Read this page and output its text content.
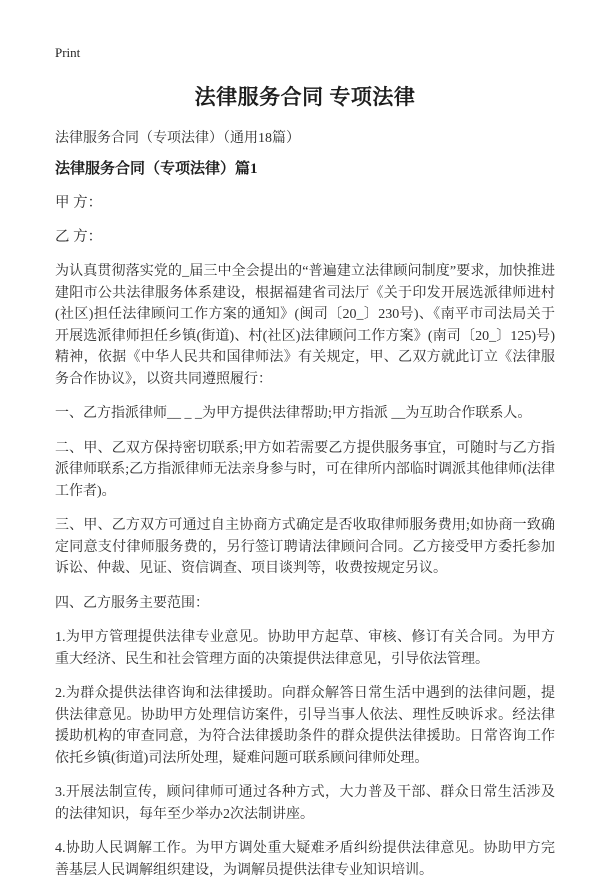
Print
法律服务合同 专项法律

法律服务合同（专项法律）（通用18篇）

法律服务合同（专项法律）篇1

甲 方：

乙 方：

为认真贯彻落实党的_届三中全会提出的“普遍建立法律顾问制度”要求，加快推进建阳市公共法律服务体系建设，根据福建省司法厅《关于印发开展选派律师进村(社区)担任法律顾问工作方案的通知》(闽司〔20_〕230号)、《南平市司法局关于开展选派律师担任乡镇(街道)、村(社区)法律顾问工作方案》(南司〔20_〕125)号)精神，依据《中华人民共和国律师法》有关规定，甲、乙双方就此订立《法律服务合作协议》，以资共同遵照履行：

一、乙方指派律师__ _ _为甲方提供法律帮助;甲方指派 __为互助合作联系人。

二、甲、乙双方保持密切联系;甲方如若需要乙方提供服务事宜，可随时与乙方指派律师联系;乙方指派律师无法亲身参与时，可在律所内部临时调派其他律师(法律工作者)。

三、甲、乙方双方可通过自主协商方式确定是否收取律师服务费用;如协商一致确定同意支付律师服务费的，另行签订聘请法律顾问合同。乙方接受甲方委托参加诉讼、仲裁、见证、资信调查、项目谈判等，收费按规定另议。

四、乙方服务主要范围：

1.为甲方管理提供法律专业意见。协助甲方起草、审核、修订有关合同。为甲方重大经济、民生和社会管理方面的决策提供法律意见，引导依法管理。

2.为群众提供法律咨询和法律援助。向群众解答日常生活中遇到的法律问题，提供法律意见。协助甲方处理信访案件，引导当事人依法、理性反映诉求。经法律援助机构的审查同意，为符合法律援助条件的群众提供法律援助。日常咨询工作依托乡镇(街道)司法所处理，疑难问题可联系顾问律师处理。

3.开展法制宣传，顾问律师可通过各种方式，大力普及干部、群众日常生活涉及的法律知识，每年至少举办2次法制讲座。

4.协助人民调解工作。为甲方调处重大疑难矛盾纠纷提供法律意见。协助甲方完善基层人民调解组织建设，为调解员提供法律专业知识培训。
